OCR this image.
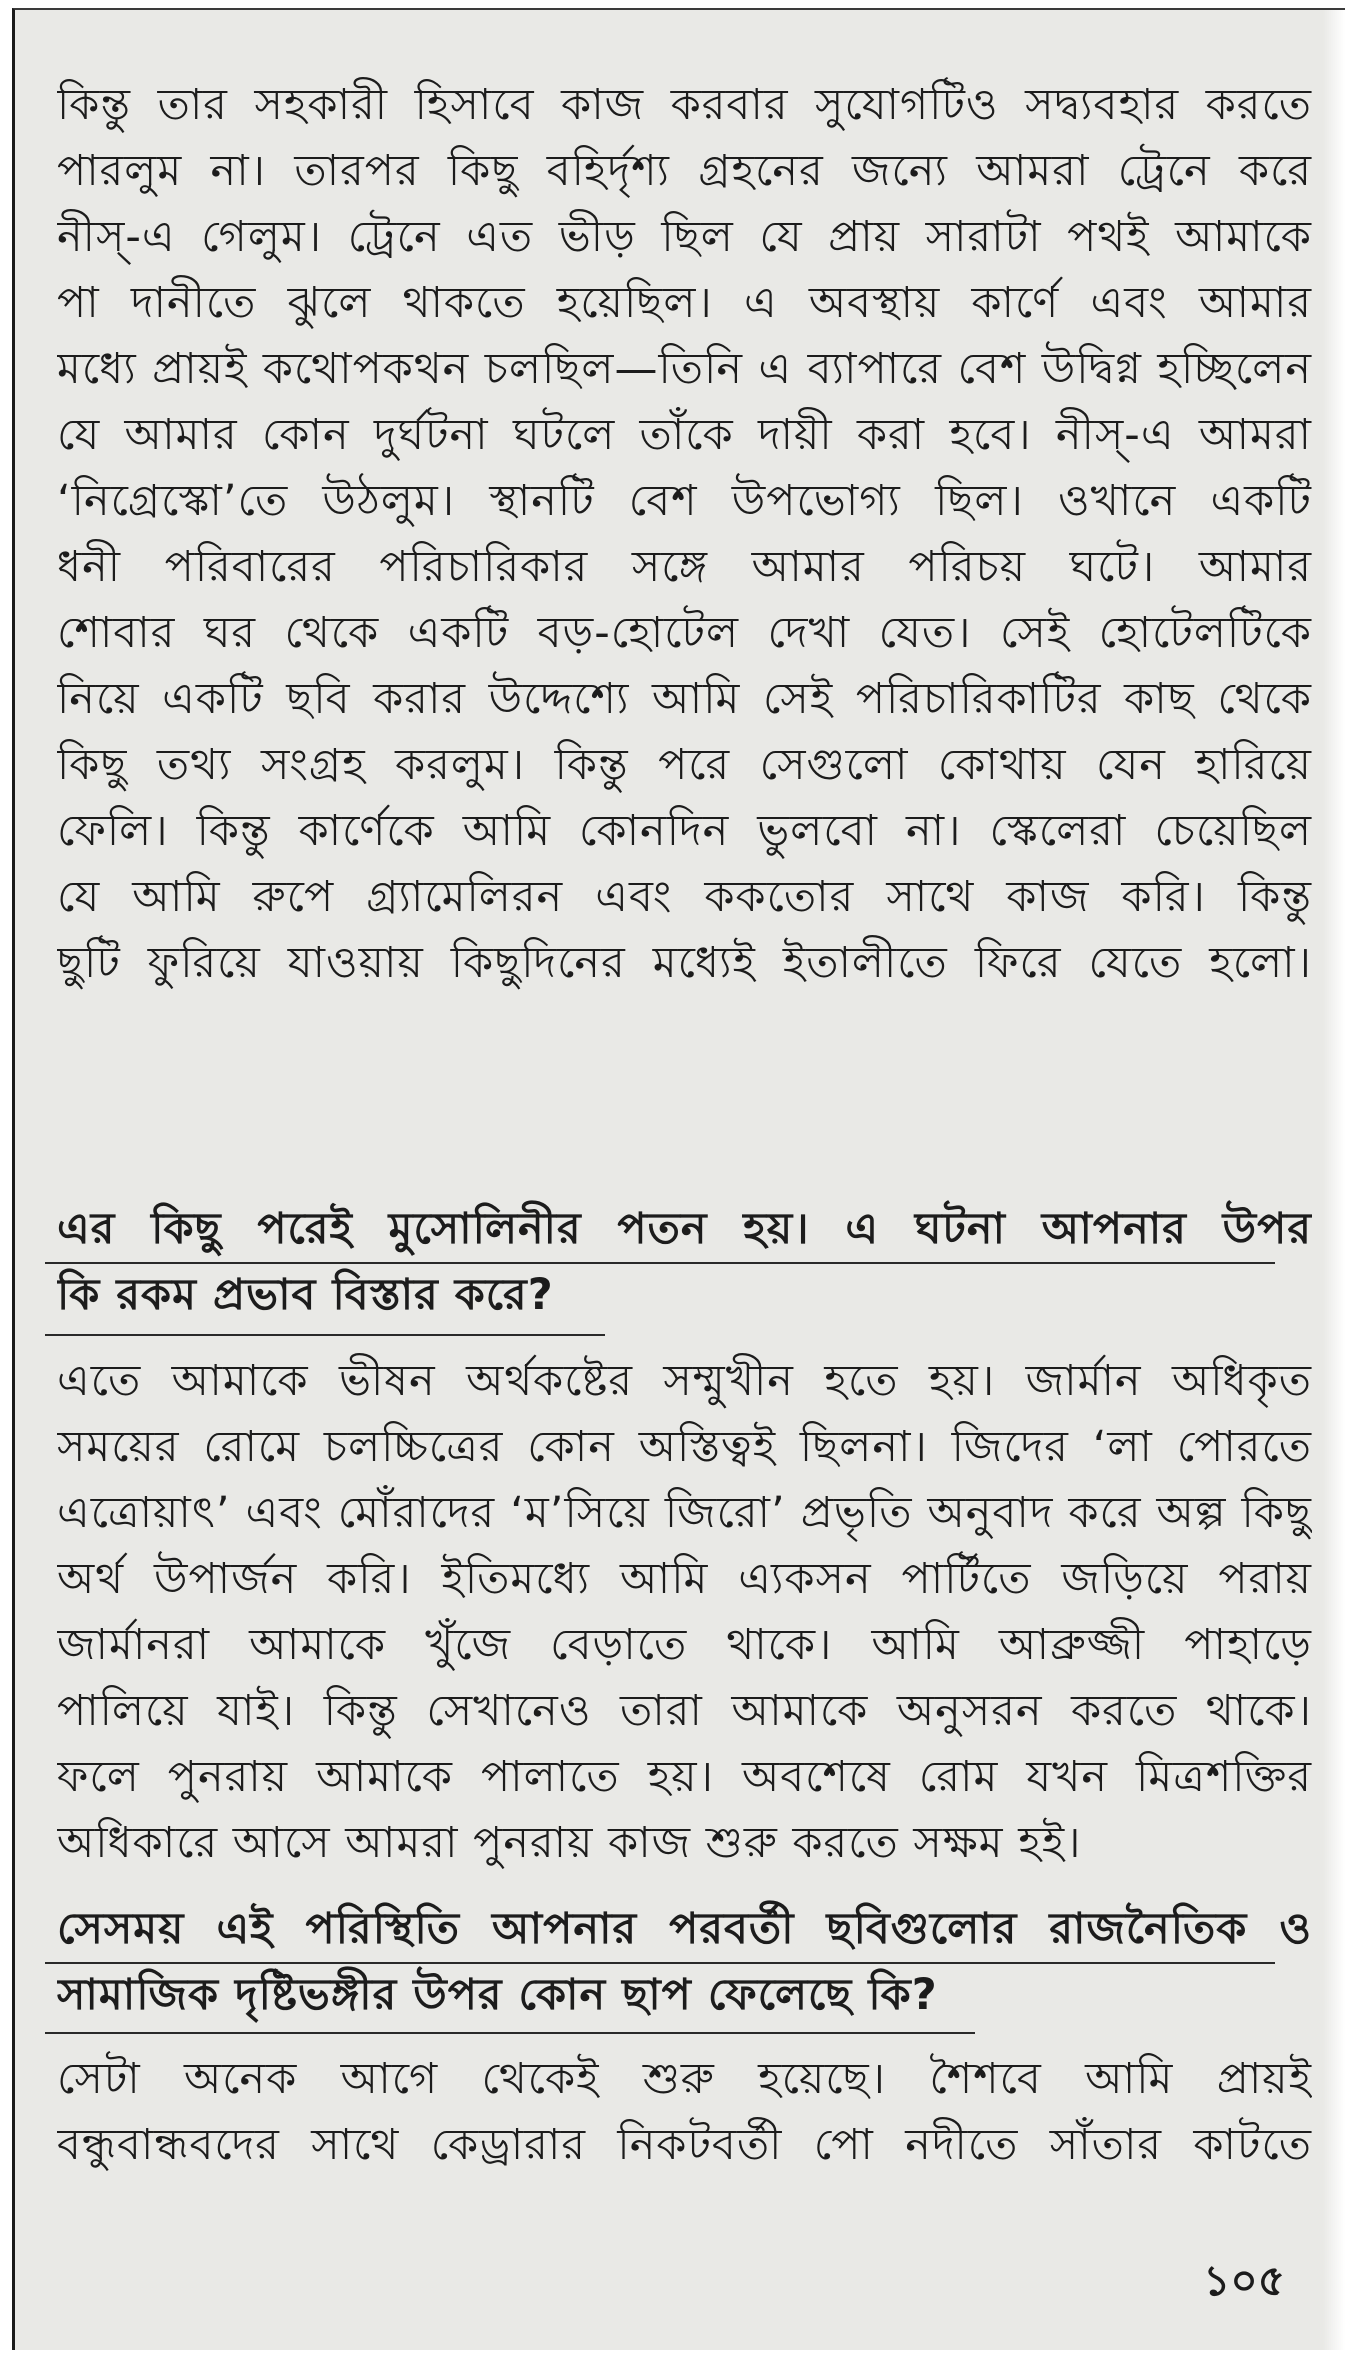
কিন্তু তার সহকারী হিসাবে কাজ করবার সুযোগটিও সদ্ব্যবহার করতে
পারলুম না। তারপর কিছু বহির্দৃশ্য গ্রহনের জন্যে আমরা ট্রেনে করে
নীস্‌-এ গেলুম। ট্রেনে এত ভীড় ছিল যে প্রায় সারাটা পথই আমাকে
পা দানীতে ঝুলে থাকতে হয়েছিল। এ অবস্থায় কার্ণে এবং আমার
মধ্যে প্রায়ই কথোপকথন চলছিল—তিনি এ ব্যাপারে বেশ উদ্বিগ্ন হচ্ছিলেন
যে আমার কোন দুর্ঘটনা ঘটলে তাঁকে দায়ী করা হবে। নীস্‌-এ আমরা
‘নিগ্রেস্কো’তে উঠলুম। স্থানটি বেশ উপভোগ্য ছিল। ওখানে একটি
ধনী পরিবারের পরিচারিকার সঙ্গে আমার পরিচয় ঘটে। আমার
শোবার ঘর থেকে একটি বড়-হোটেল দেখা যেত। সেই হোটেলটিকে
নিয়ে একটি ছবি করার উদ্দেশ্যে আমি সেই পরিচারিকাটির কাছ থেকে
কিছু তথ্য সংগ্রহ করলুম। কিন্তু পরে সেগুলো কোথায় যেন হারিয়ে
ফেলি। কিন্তু কার্ণেকে আমি কোনদিন ভুলবো না। স্কেলেরা চেয়েছিল
যে আমি রুপে গ্র্যামেলিরন এবং ককতোর সাথে কাজ করি। কিন্তু
ছুটি ফুরিয়ে যাওয়ায় কিছুদিনের মধ্যেই ইতালীতে ফিরে যেতে হলো।
এর কিছু পরেই মুসোলিনীর পতন হয়। এ ঘটনা আপনার উপর
কি রকম প্রভাব বিস্তার করে?
এতে আমাকে ভীষন অর্থকষ্টের সম্মুখীন হতে হয়। জার্মান অধিকৃত
সময়ের রোমে চলচ্চিত্রের কোন অস্তিত্বই ছিলনা। জিদের ‘লা পোরতে
এত্রোয়াৎ’ এবং মোঁরাদের ‘ম’সিয়ে জিরো’ প্রভৃতি অনুবাদ করে অল্প কিছু
অর্থ উপার্জন করি। ইতিমধ্যে আমি এ্যকসন পার্টিতে জড়িয়ে পরায়
জার্মানরা আমাকে খুঁজে বেড়াতে থাকে। আমি আব্রুজ্জী পাহাড়ে
পালিয়ে যাই। কিন্তু সেখানেও তারা আমাকে অনুসরন করতে থাকে।
ফলে পুনরায় আমাকে পালাতে হয়। অবশেষে রোম যখন মিত্রশক্তির
অধিকারে আসে আমরা পুনরায় কাজ শুরু করতে সক্ষম হই।
সেসময় এই পরিস্থিতি আপনার পরবর্তী ছবিগুলোর রাজনৈতিক ও
সামাজিক দৃষ্টিভঙ্গীর উপর কোন ছাপ ফেলেছে কি?
সেটা অনেক আগে থেকেই শুরু হয়েছে। শৈশবে আমি প্রায়ই
বন্ধুবান্ধবদের সাথে কেড্রারার নিকটবর্তী পো নদীতে সাঁতার কাটতে
১০৫
